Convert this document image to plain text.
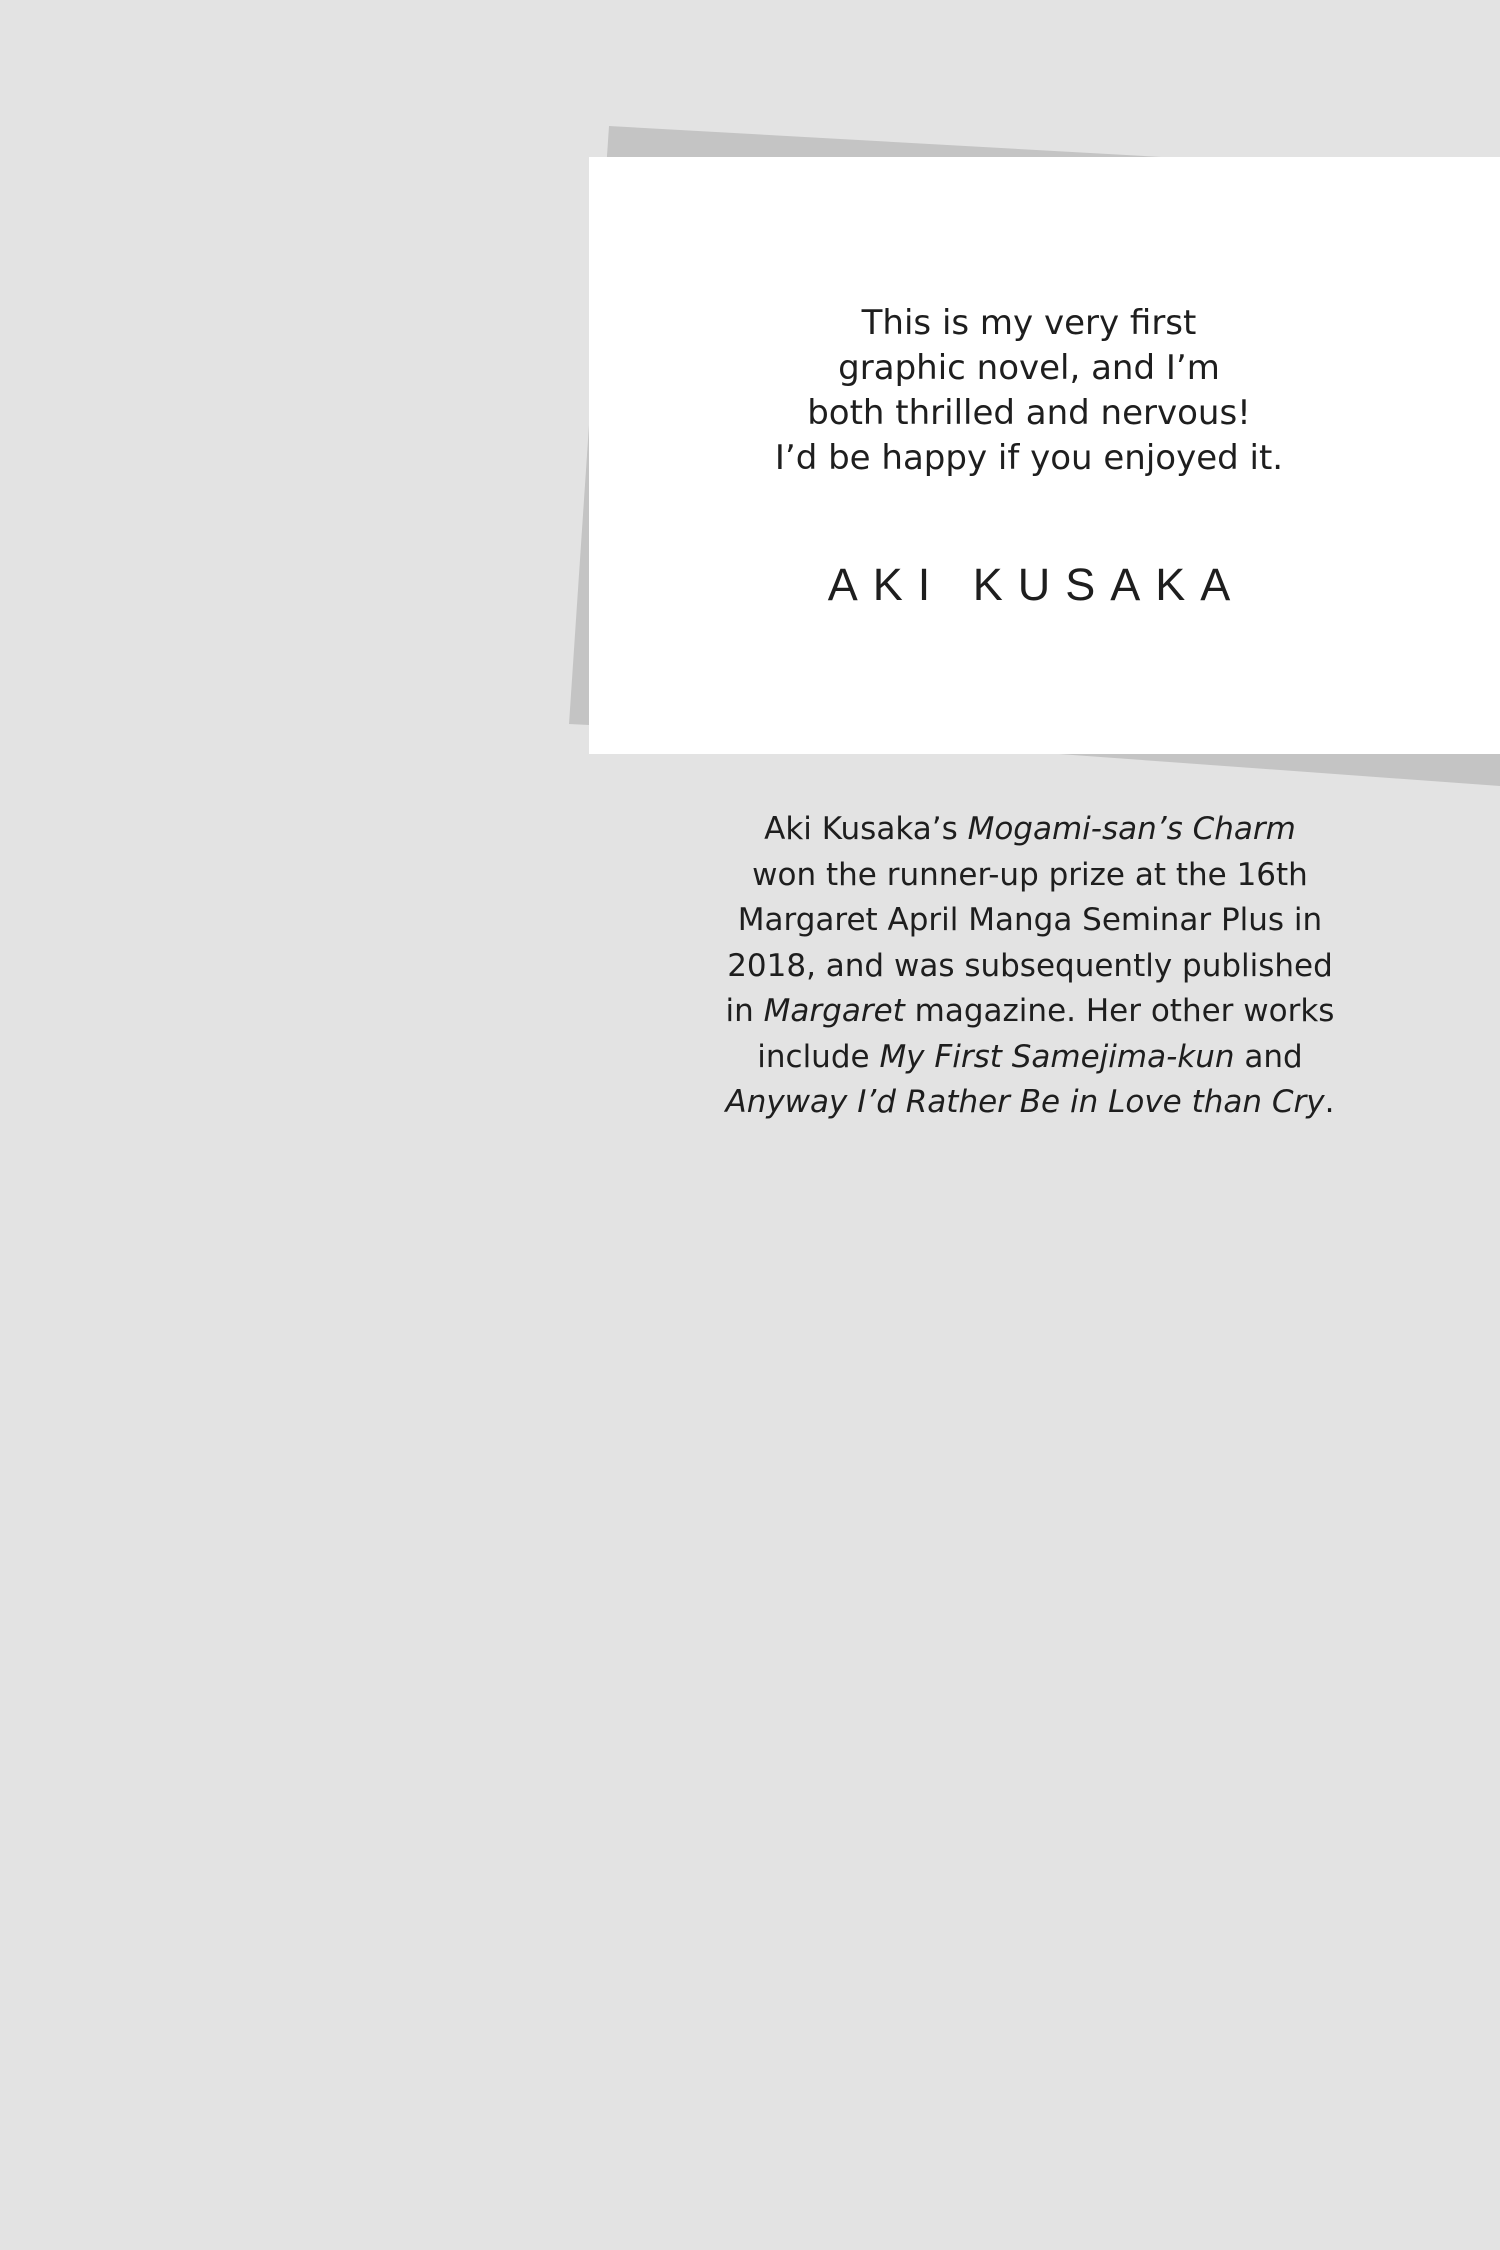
This is my very first
graphic novel, and I’m
both thrilled and nervous!
I’d be happy if you enjoyed it.
AKI KUSAKA
Aki Kusaka’s Mogami-san’s Charm
won the runner-up prize at the 16th
Margaret April Manga Seminar Plus in
2018, and was subsequently published
in Margaret magazine. Her other works
include My First Samejima-kun and
Anyway I’d Rather Be in Love than Cry.
